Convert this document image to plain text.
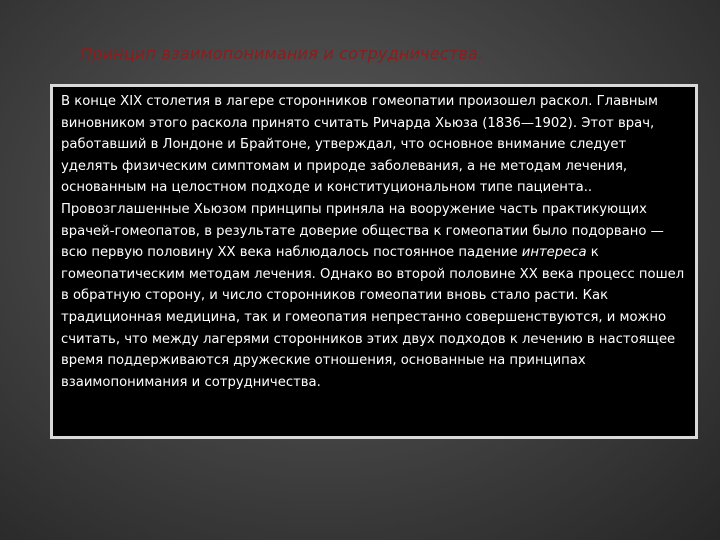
Принцип взаимопонимания и сотрудничества.

В конце XIX столетия в лагере сторонников гомеопатии произошел раскол. Главным виновником этого раскола принято считать Ричарда Хьюза (1836—1902). Этот врач, работавший в Лондоне и Брайтоне, утверждал, что основное внимание следует уделять физическим симптомам и природе заболевания, а не методам лечения, основанным на целостном подходе и конституциональном типе пациента.. Провозглашенные Хьюзом принципы приняла на вооружение часть практикующих врачей-гомеопатов, в результате доверие общества к гомеопатии было подорвано — всю первую половину XX века наблюдалось постоянное падение интереса к гомеопатическим методам лечения. Однако во второй половине XX века процесс пошел в обратную сторону, и число сторонников гомеопатии вновь стало расти. Как традиционная медицина, так и гомеопатия непрестанно совершенствуются, и можно считать, что между лагерями сторонников этих двух подходов к лечению в настоящее время поддерживаются дружеские отношения, основанные на принципах взаимопонимания и сотрудничества.
